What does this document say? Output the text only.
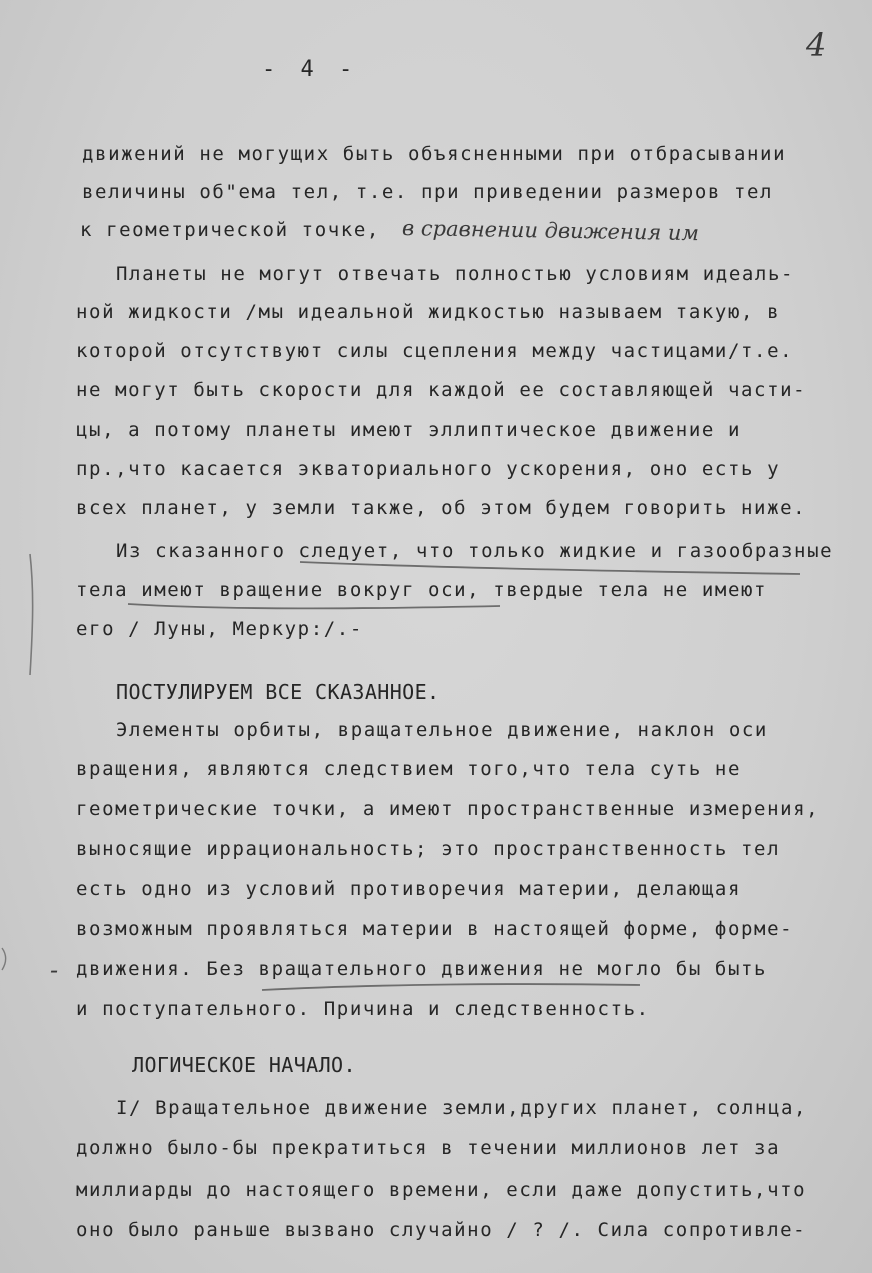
- 4 -
4
движений не могущих быть объясненными при отбрасывании
величины об"ема тел, т.е. при приведении размеров тел
к геометрической точке, в сравнении движения им
Планеты не могут отвечать полностью условиям идеаль-
ной жидкости /мы идеальной жидкостью называем такую, в
которой отсутствуют силы сцепления между частицами/т.е.
не могут быть скорости для каждой ее составляющей части-
цы, а потому планеты имеют эллиптическое движение и
пр.,что касается экваториального ускорения, оно есть у
всех планет, у земли также, об этом будем говорить ниже.
Из сказанного следует, что только жидкие и газообразные
тела имеют вращение вокруг оси, твердые тела не имеют
его / Луны, Меркур:/.-
ПОСТУЛИРУЕМ ВСЕ СКАЗАННОЕ.
Элементы орбиты, вращательное движение, наклон оси
вращения, являются следствием того,что тела суть не
геометрические точки, а имеют пространственные измерения,
выносящие иррациональность; это пространственность тел
есть одно из условий противоречия материи, делающая
возможным проявляться материи в настоящей форме, форме-
движения. Без вращательного движения не могло бы быть
и поступательного. Причина и следственность.
ЛОГИЧЕСКОЕ НАЧАЛО.
I/ Вращательное движение земли,других планет, солнца,
должно было-бы прекратиться в течении миллионов лет за
миллиарды до настоящего времени, если даже допустить,что
оно было раньше вызвано случайно / ? /. Сила сопротивле-
-
